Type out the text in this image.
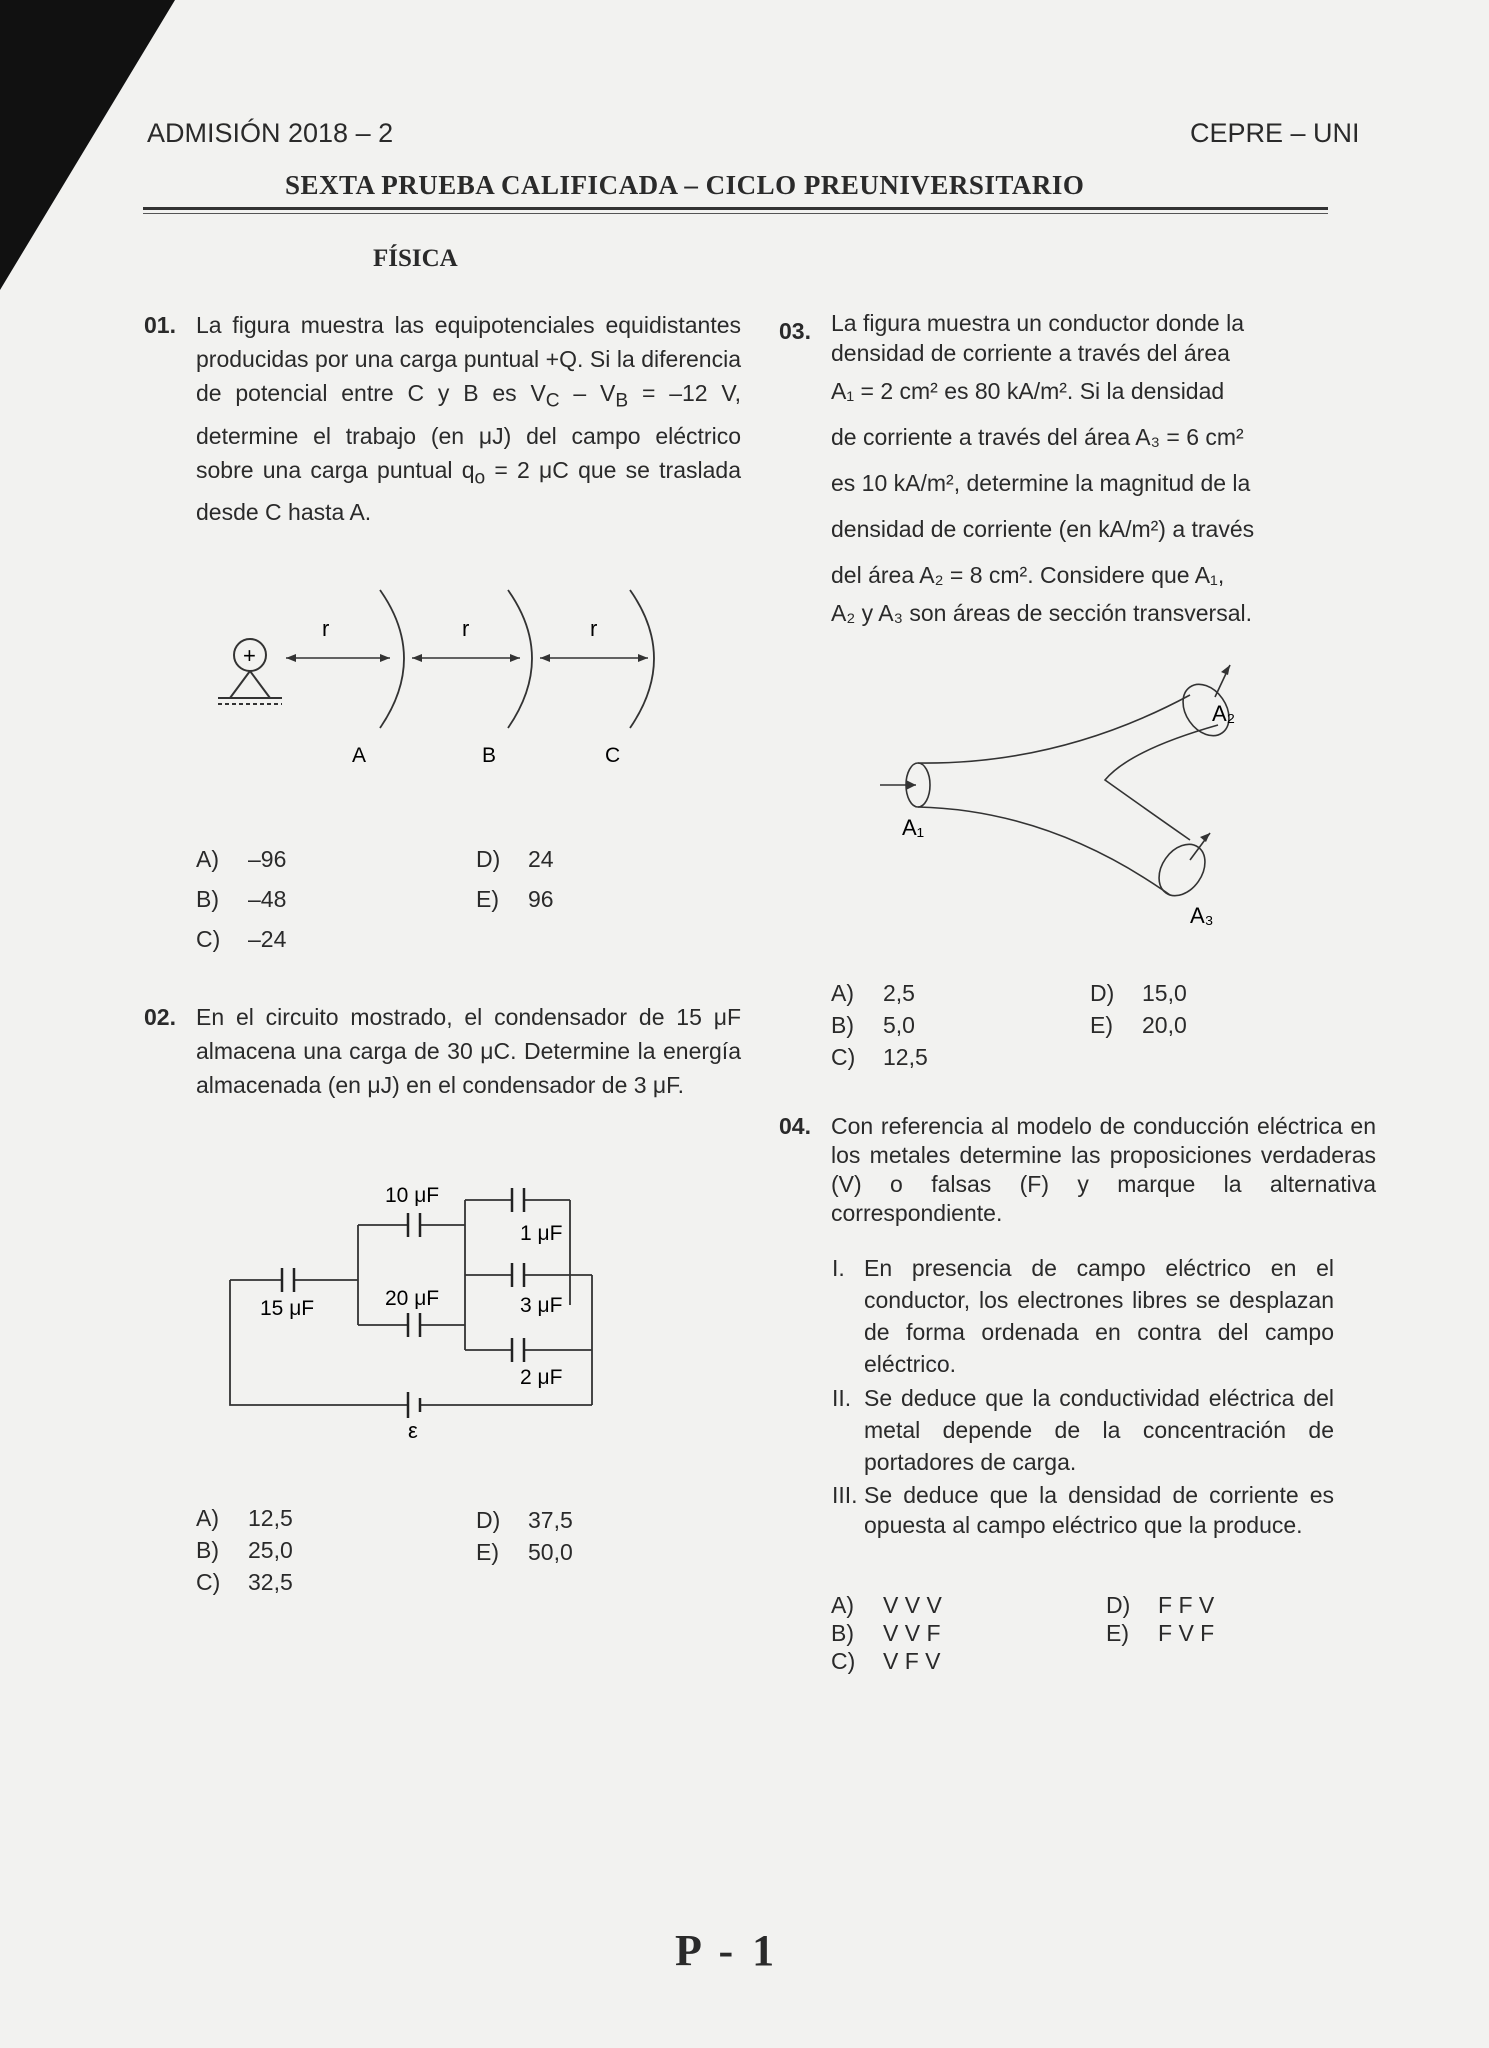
ADMISIÓN 2018 – 2	CEPRE – UNI
SEXTA PRUEBA CALIFICADA – CICLO PREUNIVERSITARIO
FÍSICA
01. La figura muestra las equipotenciales equidistantes producidas por una carga puntual +Q. Si la diferencia de potencial entre C y B es $V_C - V_B = -12$ V, determine el trabajo (en μJ) del campo eléctrico sobre una carga puntual $q_o = 2$ μC que se traslada desde C hasta A.
+
r	r	r
A	B	C
A) –96
B) –48
C) –24
D) 24
E) 96
02. En el circuito mostrado, el condensador de 15 μF almacena una carga de 30 μC. Determine la energía almacenada (en μJ) en el condensador de 3 μF.
10 μF
1 μF
20 μF	3 μF
15 μF
2 μF
ε
A) 12,5
B) 25,0
C) 32,5
D) 37,5
E) 50,0
03. La figura muestra un conductor donde la
densidad de corriente a través del área
A₁ = 2 cm² es 80 kA/m². Si la densidad
de corriente a través del área A₃ = 6 cm²
es 10 kA/m², determine la magnitud de la
densidad de corriente (en kA/m²) a través
del área A₂ = 8 cm². Considere que A₁,
A₂ y A₃ son áreas de sección transversal.
A₁
A₂
A₃
A) 2,5
B) 5,0
C) 12,5
D) 15,0
E) 20,0
04. Con referencia al modelo de conducción eléctrica en los metales determine las proposiciones verdaderas (V) o falsas (F) y marque la alternativa correspondiente.
I. En presencia de campo eléctrico en el conductor, los electrones libres se desplazan de forma ordenada en contra del campo eléctrico.
II. Se deduce que la conductividad eléctrica del metal depende de la concentración de portadores de carga.
III. Se deduce que la densidad de corriente es opuesta al campo eléctrico que la produce.
A) V V V
B) V V F
C) V F V
D) F F V
E) F V F
P - 1
